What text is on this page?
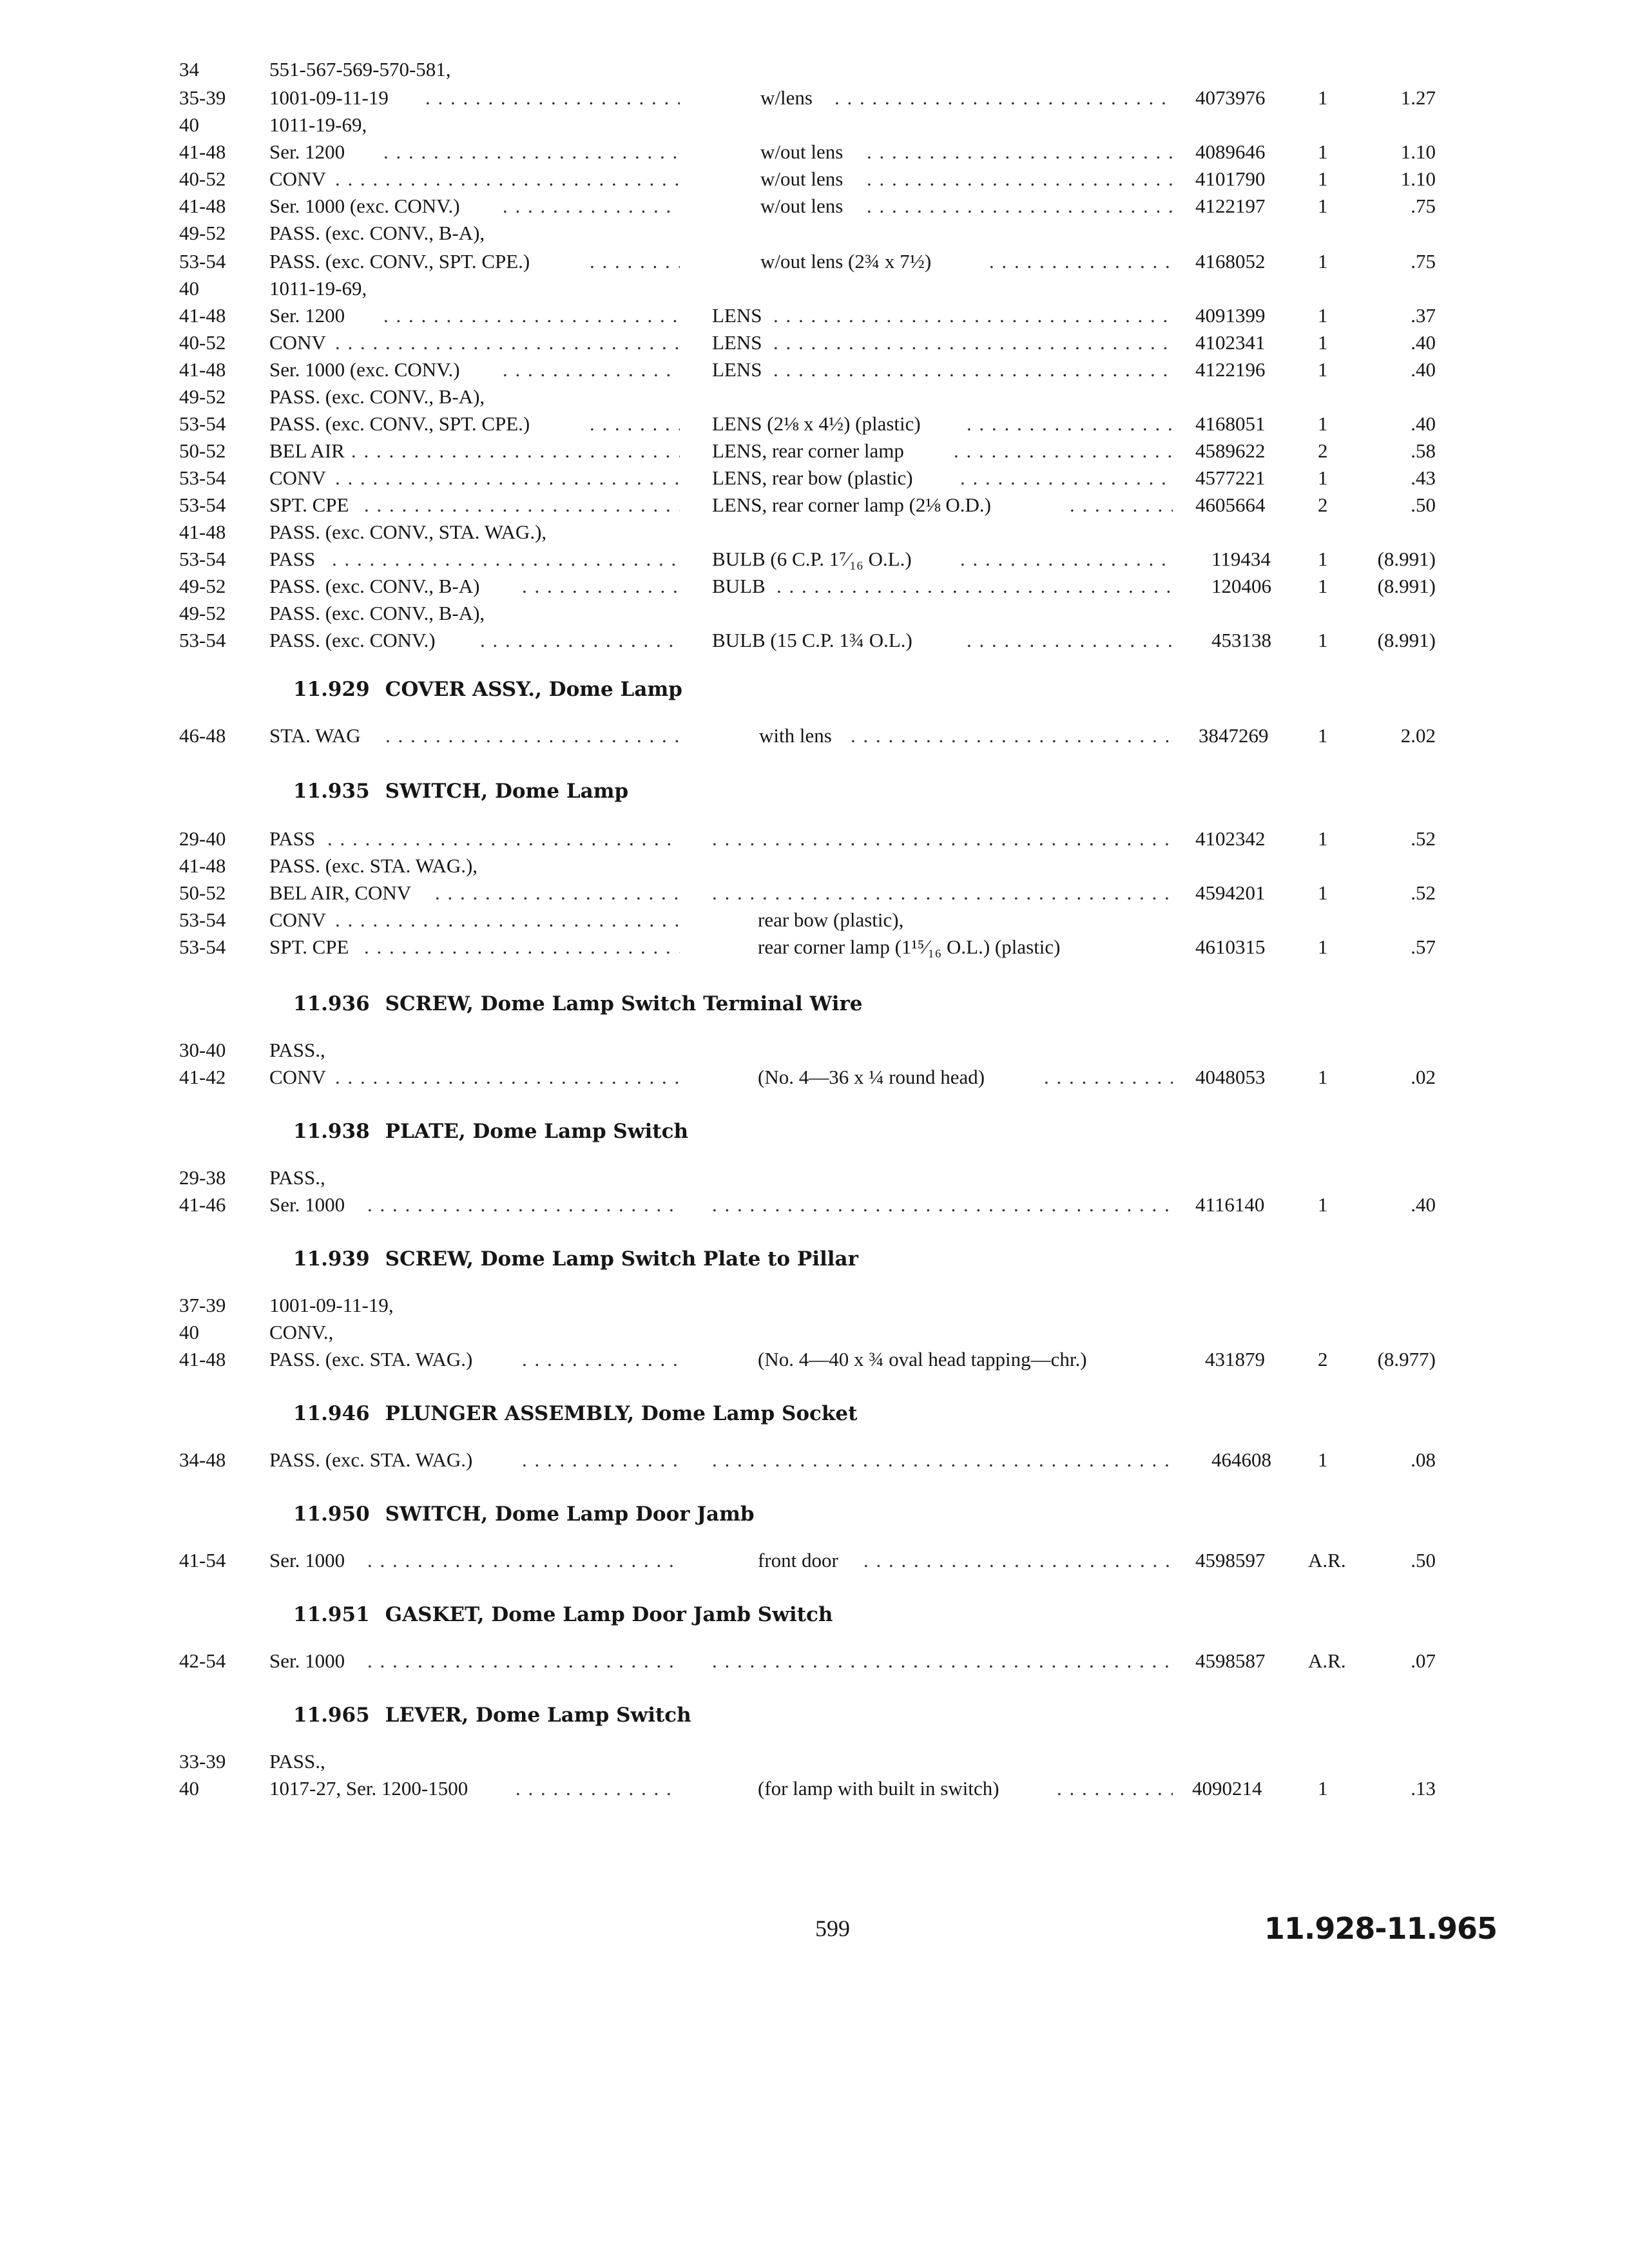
34	551-567-569-570-581,
35-39 1001-09-11-19 . . .	w/lens . . .	4073976	1	1.27
40	1011-19-69,
41-48 Ser. 1200 . . .	w/out lens . . .	4089646	1	1.10
40-52 CONV . . .	w/out lens . . .	4101790	1	1.10
41-48 Ser. 1000 (exc. CONV.) . . .	w/out lens . . .	4122197	1	.75
49-52 PASS. (exc. CONV., B-A),
53-54 PASS. (exc. CONV., SPT. CPE.) . . .	w/out lens (2¾ x 7½) . . .	4168052	1	.75
40	1011-19-69,
41-48 Ser. 1200 . . .	LENS . . .	4091399	1	.37
40-52 CONV . . .	LENS . . .	4102341	1	.40
41-48 Ser. 1000 (exc. CONV.) . . .	LENS . . .	4122196	1	.40
49-52 PASS. (exc. CONV., B-A),
53-54 PASS. (exc. CONV., SPT. CPE.) . . .	LENS (2⅛ x 4½) (plastic) . . .	4168051	1	.40
50-52 BEL AIR . . .	LENS, rear corner lamp . . .	4589622	2	.58
53-54 CONV . . .	LENS, rear bow (plastic) . . .	4577221	1	.43
53-54 SPT. CPE . . .	LENS, rear corner lamp (2⅛ O.D.) . . .	4605664	2	.50
41-48 PASS. (exc. CONV., STA. WAG.),
53-54 PASS . . .	BULB (6 C.P. 1⁷⁄₁₆ O.L.) . . .	119434 1 (8.991)
49-52 PASS. (exc. CONV., B-A) . . .	BULB . . .	120406 1 (8.991)
49-52 PASS. (exc. CONV., B-A),
53-54 PASS. (exc. CONV.) . . .	BULB (15 C.P. 1¾ O.L.) . . .	453138 1 (8.991)
11.929 COVER ASSY., Dome Lamp
46-48 STA. WAG . . .	with lens . . .	3847269 1	2.02
11.935 SWITCH, Dome Lamp
29-40 PASS . . . . . .	4102342	1	.52
41-48 PASS. (exc. STA. WAG.),
50-52 BEL AIR, CONV . . . . . .	4594201	1	.52
53-54 CONV . . .	rear bow (plastic),
53-54 SPT. CPE . . .	rear corner lamp (1¹⁵⁄₁₆ O.L.) (plastic)	4610315	1	.57
11.936 SCREW, Dome Lamp Switch Terminal Wire
30-40 PASS.,
41-42 CONV . . .	(No. 4—36 x ¼ round head) . . .	4048053	1	.02
11.938 PLATE, Dome Lamp Switch
29-38 PASS.,
41-46 Ser. 1000 . . . . . .	4116140	1	.40
11.939 SCREW, Dome Lamp Switch Plate to Pillar
37-39 1001-09-11-19,
40	CONV.,
41-48 PASS. (exc. STA. WAG.) . . .	(No. 4—40 x ¾ oval head tapping—chr.)	431879	2 (8.977)
11.946 PLUNGER ASSEMBLY, Dome Lamp Socket
34-48 PASS. (exc. STA. WAG.) . . . . . .	464608 1	.08
11.950 SWITCH, Dome Lamp Door Jamb
41-54 Ser. 1000 . . .	front door . . .	4598597 A.R.	.50
11.951 GASKET, Dome Lamp Door Jamb Switch
42-54 Ser. 1000 . . . . . .	4598587 A.R.	.07
11.965 LEVER, Dome Lamp Switch
33-39 PASS.,
40	1017-27, Ser. 1200-1500 . . .	(for lamp with built in switch) . . .	4090214	1	.13
599	11.928-11.965
